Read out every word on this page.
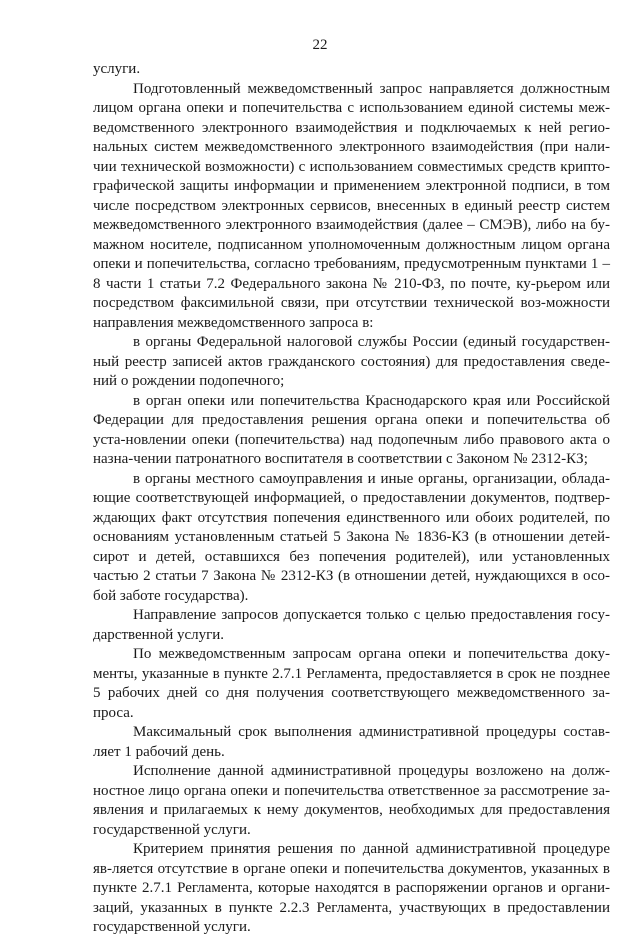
22

услуги.

Подготовленный межведомственный запрос направляется должностным лицом органа опеки и попечительства с использованием единой системы меж-ведомственного электронного взаимодействия и подключаемых к ней регио-нальных систем межведомственного электронного взаимодействия (при нали-чии технической возможности) с использованием совместимых средств крипто-графической защиты информации и применением электронной подписи, в том числе посредством электронных сервисов, внесенных в единый реестр систем межведомственного электронного взаимодействия (далее – СМЭВ), либо на бу-мажном носителе, подписанном уполномоченным должностным лицом органа опеки и попечительства, согласно требованиям, предусмотренным пунктами 1 – 8 части 1 статьи 7.2 Федерального закона № 210-ФЗ, по почте, ку-рьером или посредством факсимильной связи, при отсутствии технической воз-можности направления межведомственного запроса в:

в органы Федеральной налоговой службы России (единый государствен-ный реестр записей актов гражданского состояния) для предоставления сведе-ний о рождении подопечного;

в орган опеки или попечительства Краснодарского края или Российской Федерации для предоставления решения органа опеки и попечительства об уста-новлении опеки (попечительства) над подопечным либо правового акта о назна-чении патронатного воспитателя в соответствии с Законом № 2312-КЗ;

в органы местного самоуправления и иные органы, организации, облада-ющие соответствующей информацией, о предоставлении документов, подтвер-ждающих факт отсутствия попечения единственного или обоих родителей, по основаниям установленным статьей 5 Закона № 1836-КЗ (в отношении детей-сирот и детей, оставшихся без попечения родителей), или установленных частью 2 статьи 7 Закона № 2312-КЗ (в отношении детей, нуждающихся в осо-бой заботе государства).

Направление запросов допускается только с целью предоставления госу-дарственной услуги.

По межведомственным запросам органа опеки и попечительства доку-менты, указанные в пункте 2.7.1 Регламента, предоставляется в срок не позднее 5 рабочих дней со дня получения соответствующего межведомственного за-проса.

Максимальный срок выполнения административной процедуры состав-ляет 1 рабочий день.

Исполнение данной административной процедуры возложено на долж-ностное лицо органа опеки и попечительства ответственное за рассмотрение за-явления и прилагаемых к нему документов, необходимых для предоставления государственной услуги.

Критерием принятия решения по данной административной процедуре яв-ляется отсутствие в органе опеки и попечительства документов, указанных в пункте 2.7.1 Регламента, которые находятся в распоряжении органов и органи-заций, указанных в пункте 2.2.3 Регламента, участвующих в предоставлении государственной услуги.
